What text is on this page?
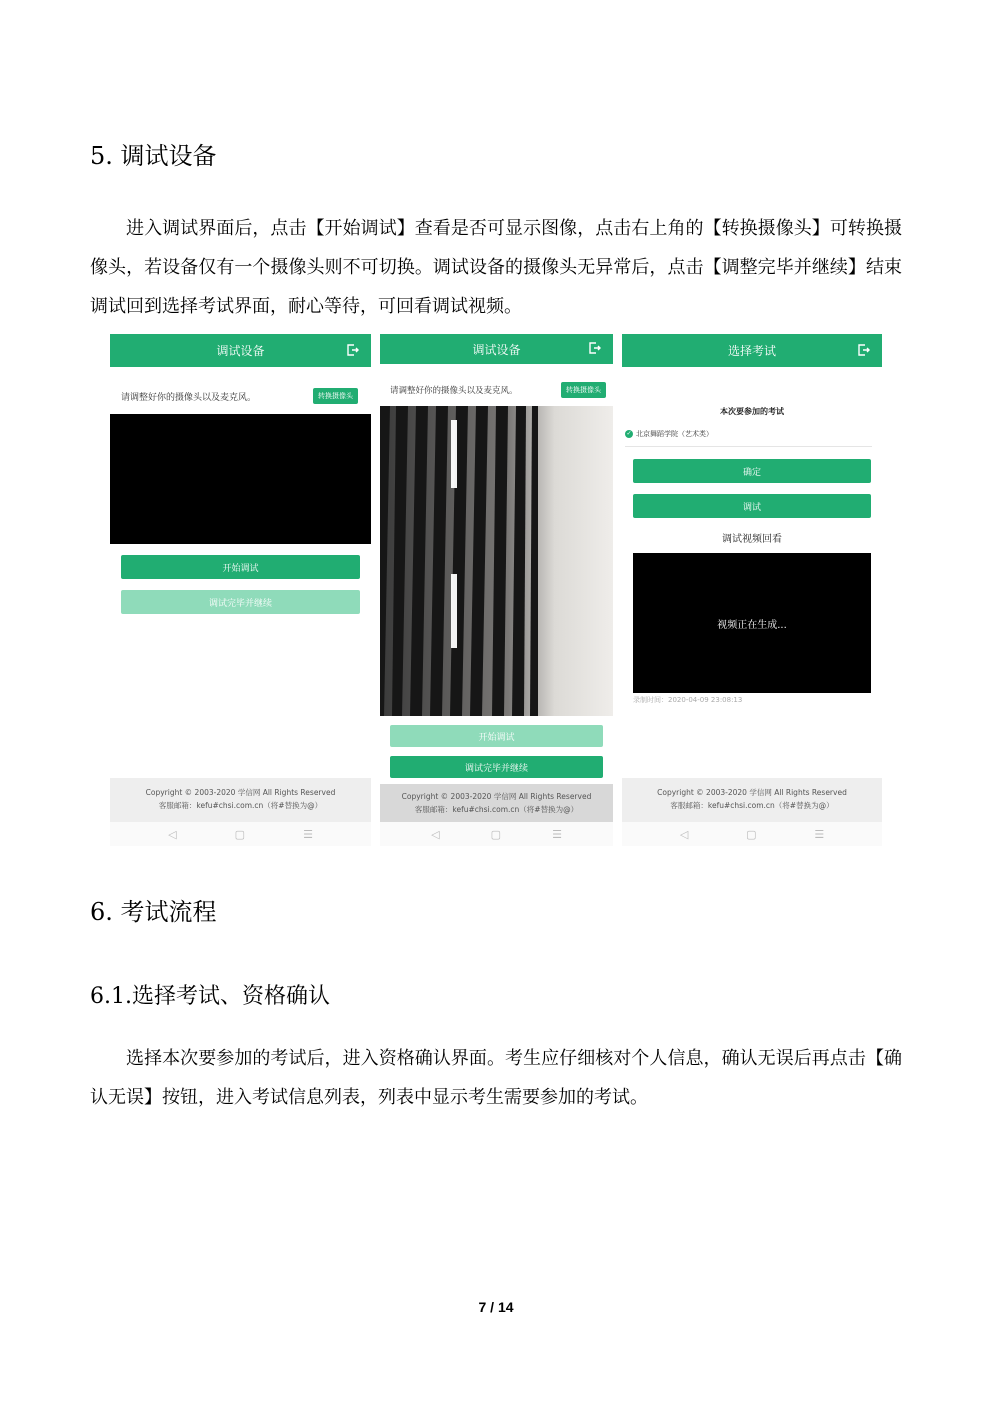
5. 调试设备
进入调试界面后，点击【开始调试】查看是否可显示图像，点击右上角的【转换摄像头】可转换摄像头，若设备仅有一个摄像头则不可切换。调试设备的摄像头无异常后，点击【调整完毕并继续】结束调试回到选择考试界面，耐心等待，可回看调试视频。
调试设备
请调整好你的摄像头以及麦克风。	转换摄像头
开始调试
调试完毕并继续
Copyright © 2003-2020 学信网 All Rights Reserved
客服邮箱：kefu#chsi.com.cn（将#替换为@）
◁	▢	☰
调试设备
请调整好你的摄像头以及麦克风。	转换摄像头
开始调试
调试完毕并继续
Copyright © 2003-2020 学信网 All Rights Reserved
客服邮箱：kefu#chsi.com.cn（将#替换为@）
◁	▢	☰
选择考试
本次要参加的考试
✓ 北京舞蹈学院（艺术类）
确定
调试
调试视频回看
视频正在生成...
录制时间：2020-04-09 23:08:13
Copyright © 2003-2020 学信网 All Rights Reserved
客服邮箱：kefu#chsi.com.cn（将#替换为@）
◁	▢	☰
6. 考试流程
6.1.选择考试、资格确认
选择本次要参加的考试后，进入资格确认界面。考生应仔细核对个人信息，确认无误后再点击【确认无误】按钮，进入考试信息列表，列表中显示考生需要参加的考试。
7 / 14
